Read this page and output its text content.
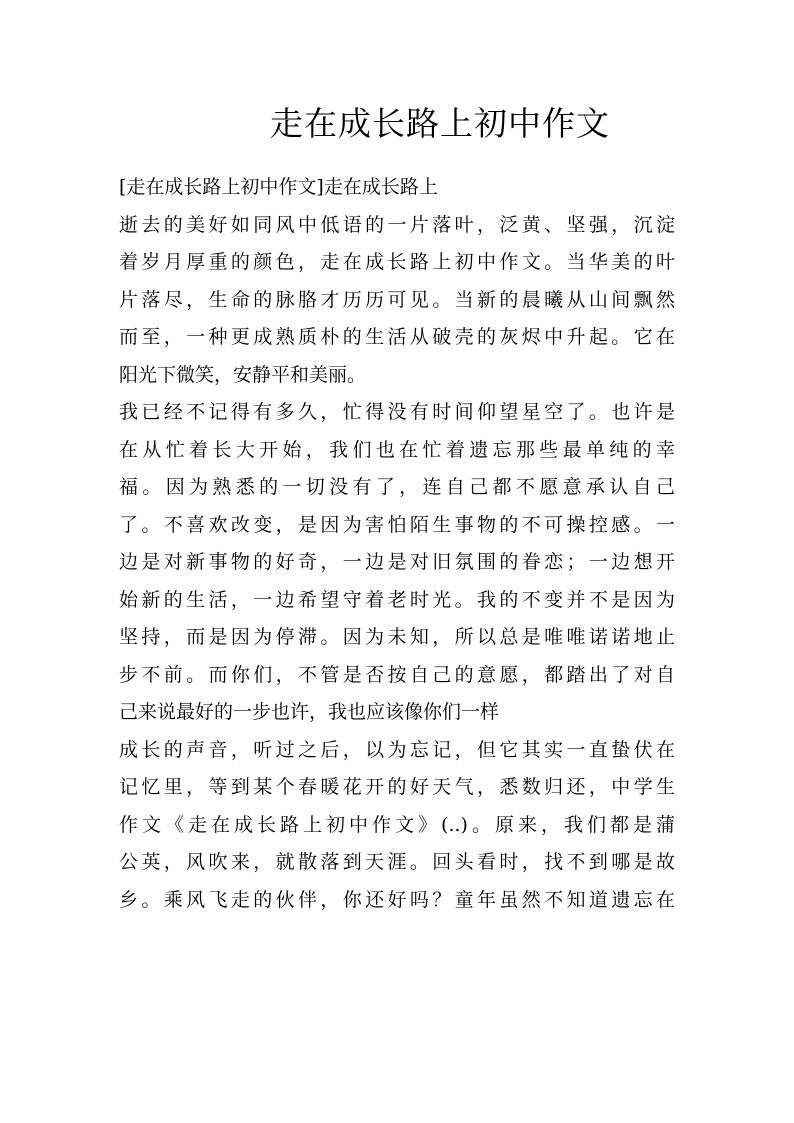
走在成长路上初中作文
[走在成长路上初中作文]走在成长路上
逝去的美好如同风中低语的一片落叶，泛黄、坚强，沉淀
着岁月厚重的颜色，走在成长路上初中作文。当华美的叶
片落尽，生命的脉胳才历历可见。当新的晨曦从山间飘然
而至，一种更成熟质朴的生活从破壳的灰烬中升起。它在
阳光下微笑，安静平和美丽。
我已经不记得有多久，忙得没有时间仰望星空了。也许是
在从忙着长大开始，我们也在忙着遗忘那些最单纯的幸
福。因为熟悉的一切没有了，连自己都不愿意承认自己
了。不喜欢改变，是因为害怕陌生事物的不可操控感。一
边是对新事物的好奇，一边是对旧氛围的眷恋；一边想开
始新的生活，一边希望守着老时光。我的不变并不是因为
坚持，而是因为停滞。因为未知，所以总是唯唯诺诺地止
步不前。而你们，不管是否按自己的意愿，都踏出了对自
己来说最好的一步也许，我也应该像你们一样
成长的声音，听过之后，以为忘记，但它其实一直蛰伏在
记忆里，等到某个春暖花开的好天气，悉数归还，中学生
作文《走在成长路上初中作文》(..)。原来，我们都是蒲
公英，风吹来，就散落到天涯。回头看时，找不到哪是故
乡。乘风飞走的伙伴，你还好吗？童年虽然不知道遗忘在
